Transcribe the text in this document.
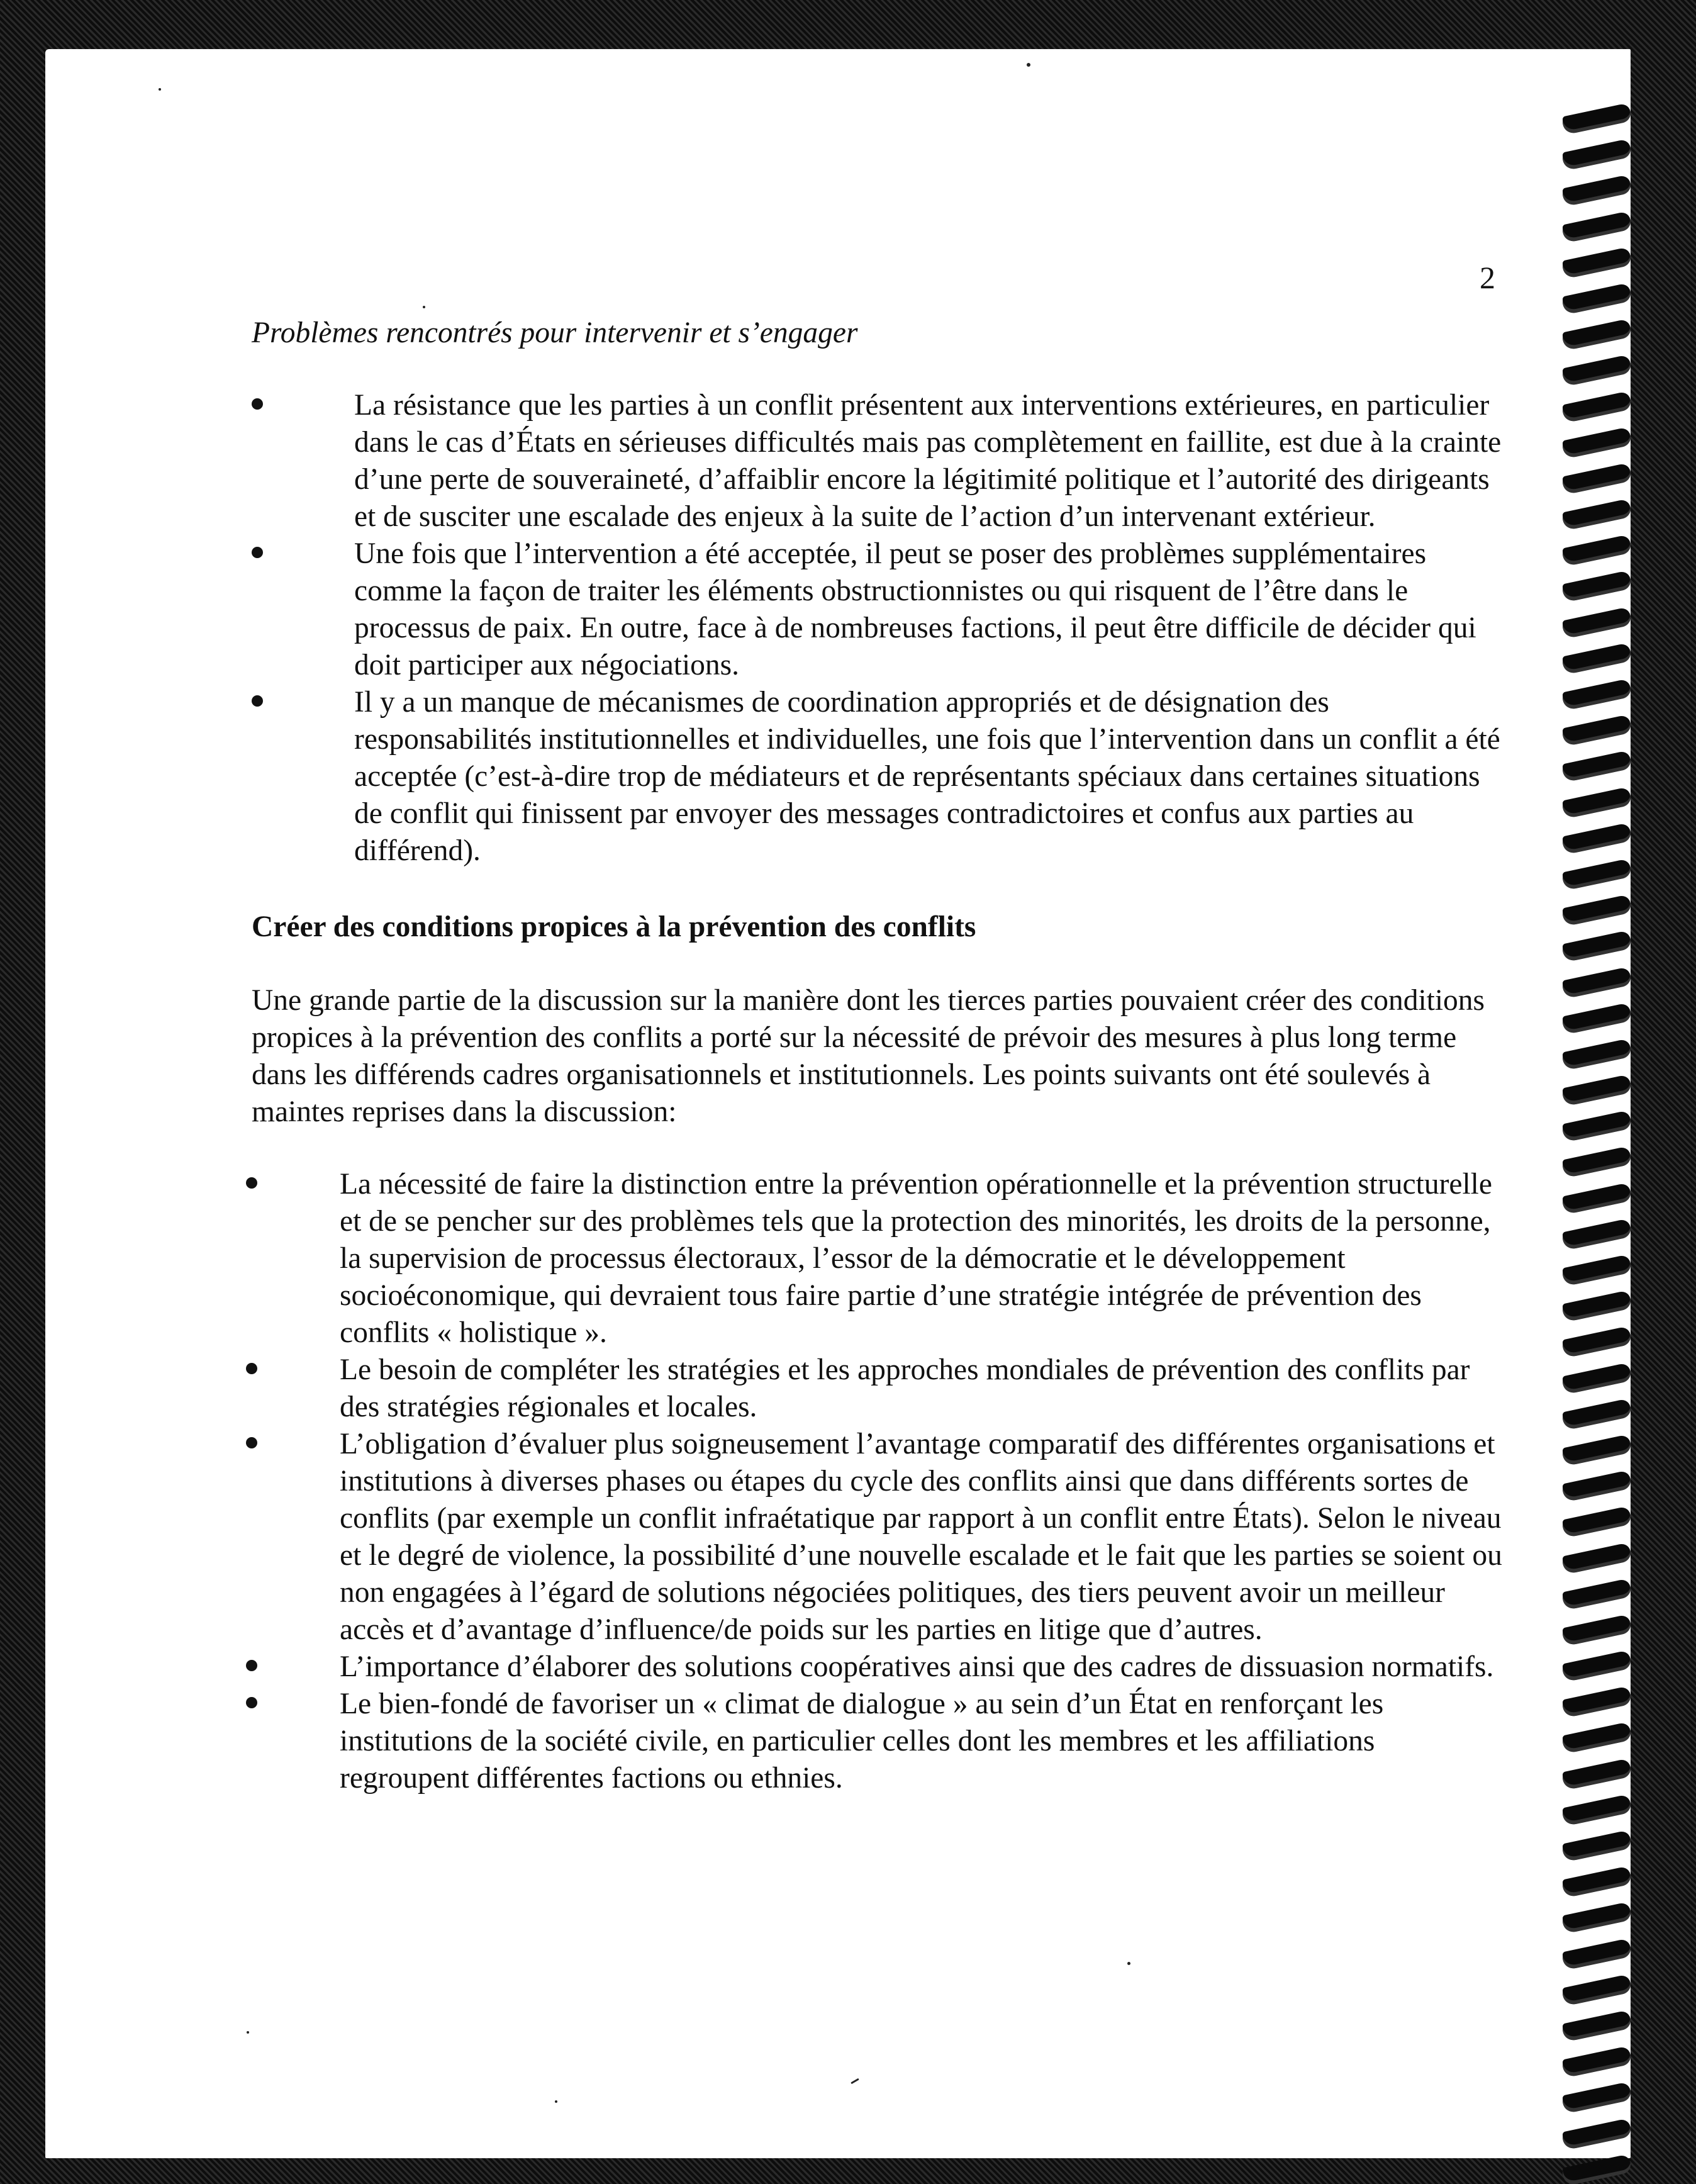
2
Problèmes rencontrés pour intervenir et s’engager
La résistance que les parties à un conflit présentent aux interventions extérieures, en particulier dans le cas d’États en sérieuses difficultés mais pas complètement en faillite, est due à la crainte d’une perte de souveraineté, d’affaiblir encore la légitimité politique et l’autorité des dirigeants et de susciter une escalade des enjeux à la suite de l’action d’un intervenant extérieur.
Une fois que l’intervention a été acceptée, il peut se poser des problèmes supplémentaires comme la façon de traiter les éléments obstructionnistes ou qui risquent de l’être dans le processus de paix. En outre, face à de nombreuses factions, il peut être difficile de décider qui doit participer aux négociations.
Il y a un manque de mécanismes de coordination appropriés et de désignation des responsabilités institutionnelles et individuelles, une fois que l’intervention dans un conflit a été acceptée (c’est-à-dire trop de médiateurs et de représentants spéciaux dans certaines situations de conflit qui finissent par envoyer des messages contradictoires et confus aux parties au différend).
Créer des conditions propices à la prévention des conflits

Une grande partie de la discussion sur la manière dont les tierces parties pouvaient créer des conditions propices à la prévention des conflits a porté sur la nécessité de prévoir des mesures à plus long terme dans les différends cadres organisationnels et institutionnels. Les points suivants ont été soulevés à maintes reprises dans la discussion:

La nécessité de faire la distinction entre la prévention opérationnelle et la prévention structurelle et de se pencher sur des problèmes tels que la protection des minorités, les droits de la personne, la supervision de processus électoraux, l’essor de la démocratie et le développement socioéconomique, qui devraient tous faire partie d’une stratégie intégrée de prévention des conflits « holistique ».
Le besoin de compléter les stratégies et les approches mondiales de prévention des conflits par des stratégies régionales et locales.
L’obligation d’évaluer plus soigneusement l’avantage comparatif des différentes organisations et institutions à diverses phases ou étapes du cycle des conflits ainsi que dans différents sortes de conflits (par exemple un conflit infraétatique par rapport à un conflit entre États). Selon le niveau et le degré de violence, la possibilité d’une nouvelle escalade et le fait que les parties se soient ou non engagées à l’égard de solutions négociées politiques, des tiers peuvent avoir un meilleur accès et d’avantage d’influence/de poids sur les parties en litige que d’autres.
L’importance d’élaborer des solutions coopératives ainsi que des cadres de dissuasion normatifs.
Le bien-fondé de favoriser un « climat de dialogue » au sein d’un État en renforçant les institutions de la société civile, en particulier celles dont les membres et les affiliations regroupent différentes factions ou ethnies.
